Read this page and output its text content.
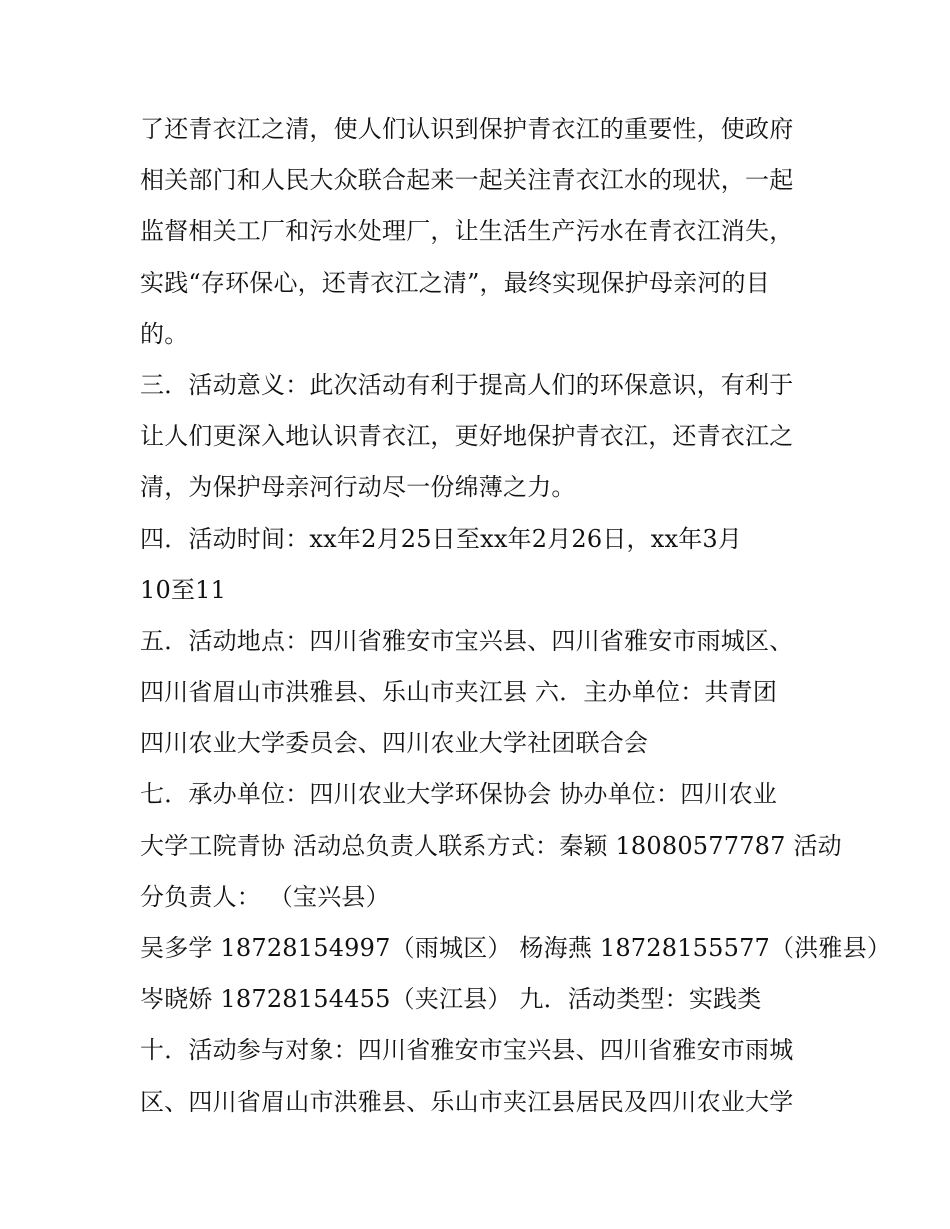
了还青衣江之清，使人们认识到保护青衣江的重要性，使政府
相关部门和人民大众联合起来一起关注青衣江水的现状，一起
监督相关工厂和污水处理厂，让生活生产污水在青衣江消失，
实践“存环保心，还青衣江之清”，最终实现保护母亲河的目
的。
三．活动意义：此次活动有利于提高人们的环保意识，有利于
让人们更深入地认识青衣江，更好地保护青衣江，还青衣江之
清，为保护母亲河行动尽一份绵薄之力。
四．活动时间：xx年2月25日至xx年2月26日，xx年3月
10至11
五．活动地点：四川省雅安市宝兴县、四川省雅安市雨城区、
四川省眉山市洪雅县、乐山市夹江县 六．主办单位：共青团
四川农业大学委员会、四川农业大学社团联合会
七．承办单位：四川农业大学环保协会 协办单位：四川农业
大学工院青协 活动总负责人联系方式：秦颖 18080577787 活动
分负责人： （宝兴县）
吴多学 18728154997（雨城区） 杨海燕 18728155577（洪雅县）
岑晓娇 18728154455（夹江县） 九．活动类型：实践类
十．活动参与对象：四川省雅安市宝兴县、四川省雅安市雨城
区、四川省眉山市洪雅县、乐山市夹江县居民及四川农业大学
